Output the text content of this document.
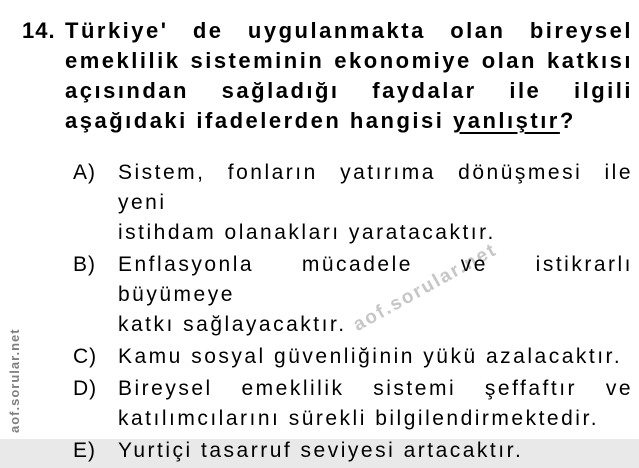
aof.sorular.net
aof.sorular.net
14. Türkiye' de uygulanmakta olan bireysel
emeklilik sisteminin ekonomiye olan katkısı
açısından sağladığı faydalar ile ilgili
aşağıdaki ifadelerden hangisi yanlıştır?
A)	Sistem, fonların yatırıma dönüşmesi ile yeni
istihdam olanakları yaratacaktır.
B)	Enflasyonla mücadele ve istikrarlı büyümeye
katkı sağlayacaktır.
C) Kamu sosyal güvenliğinin yükü azalacaktır.
D) Bireysel emeklilik sistemi şeffaftır ve
katılımcılarını sürekli bilgilendirmektedir.
E)	Yurtiçi tasarruf seviyesi artacaktır.
